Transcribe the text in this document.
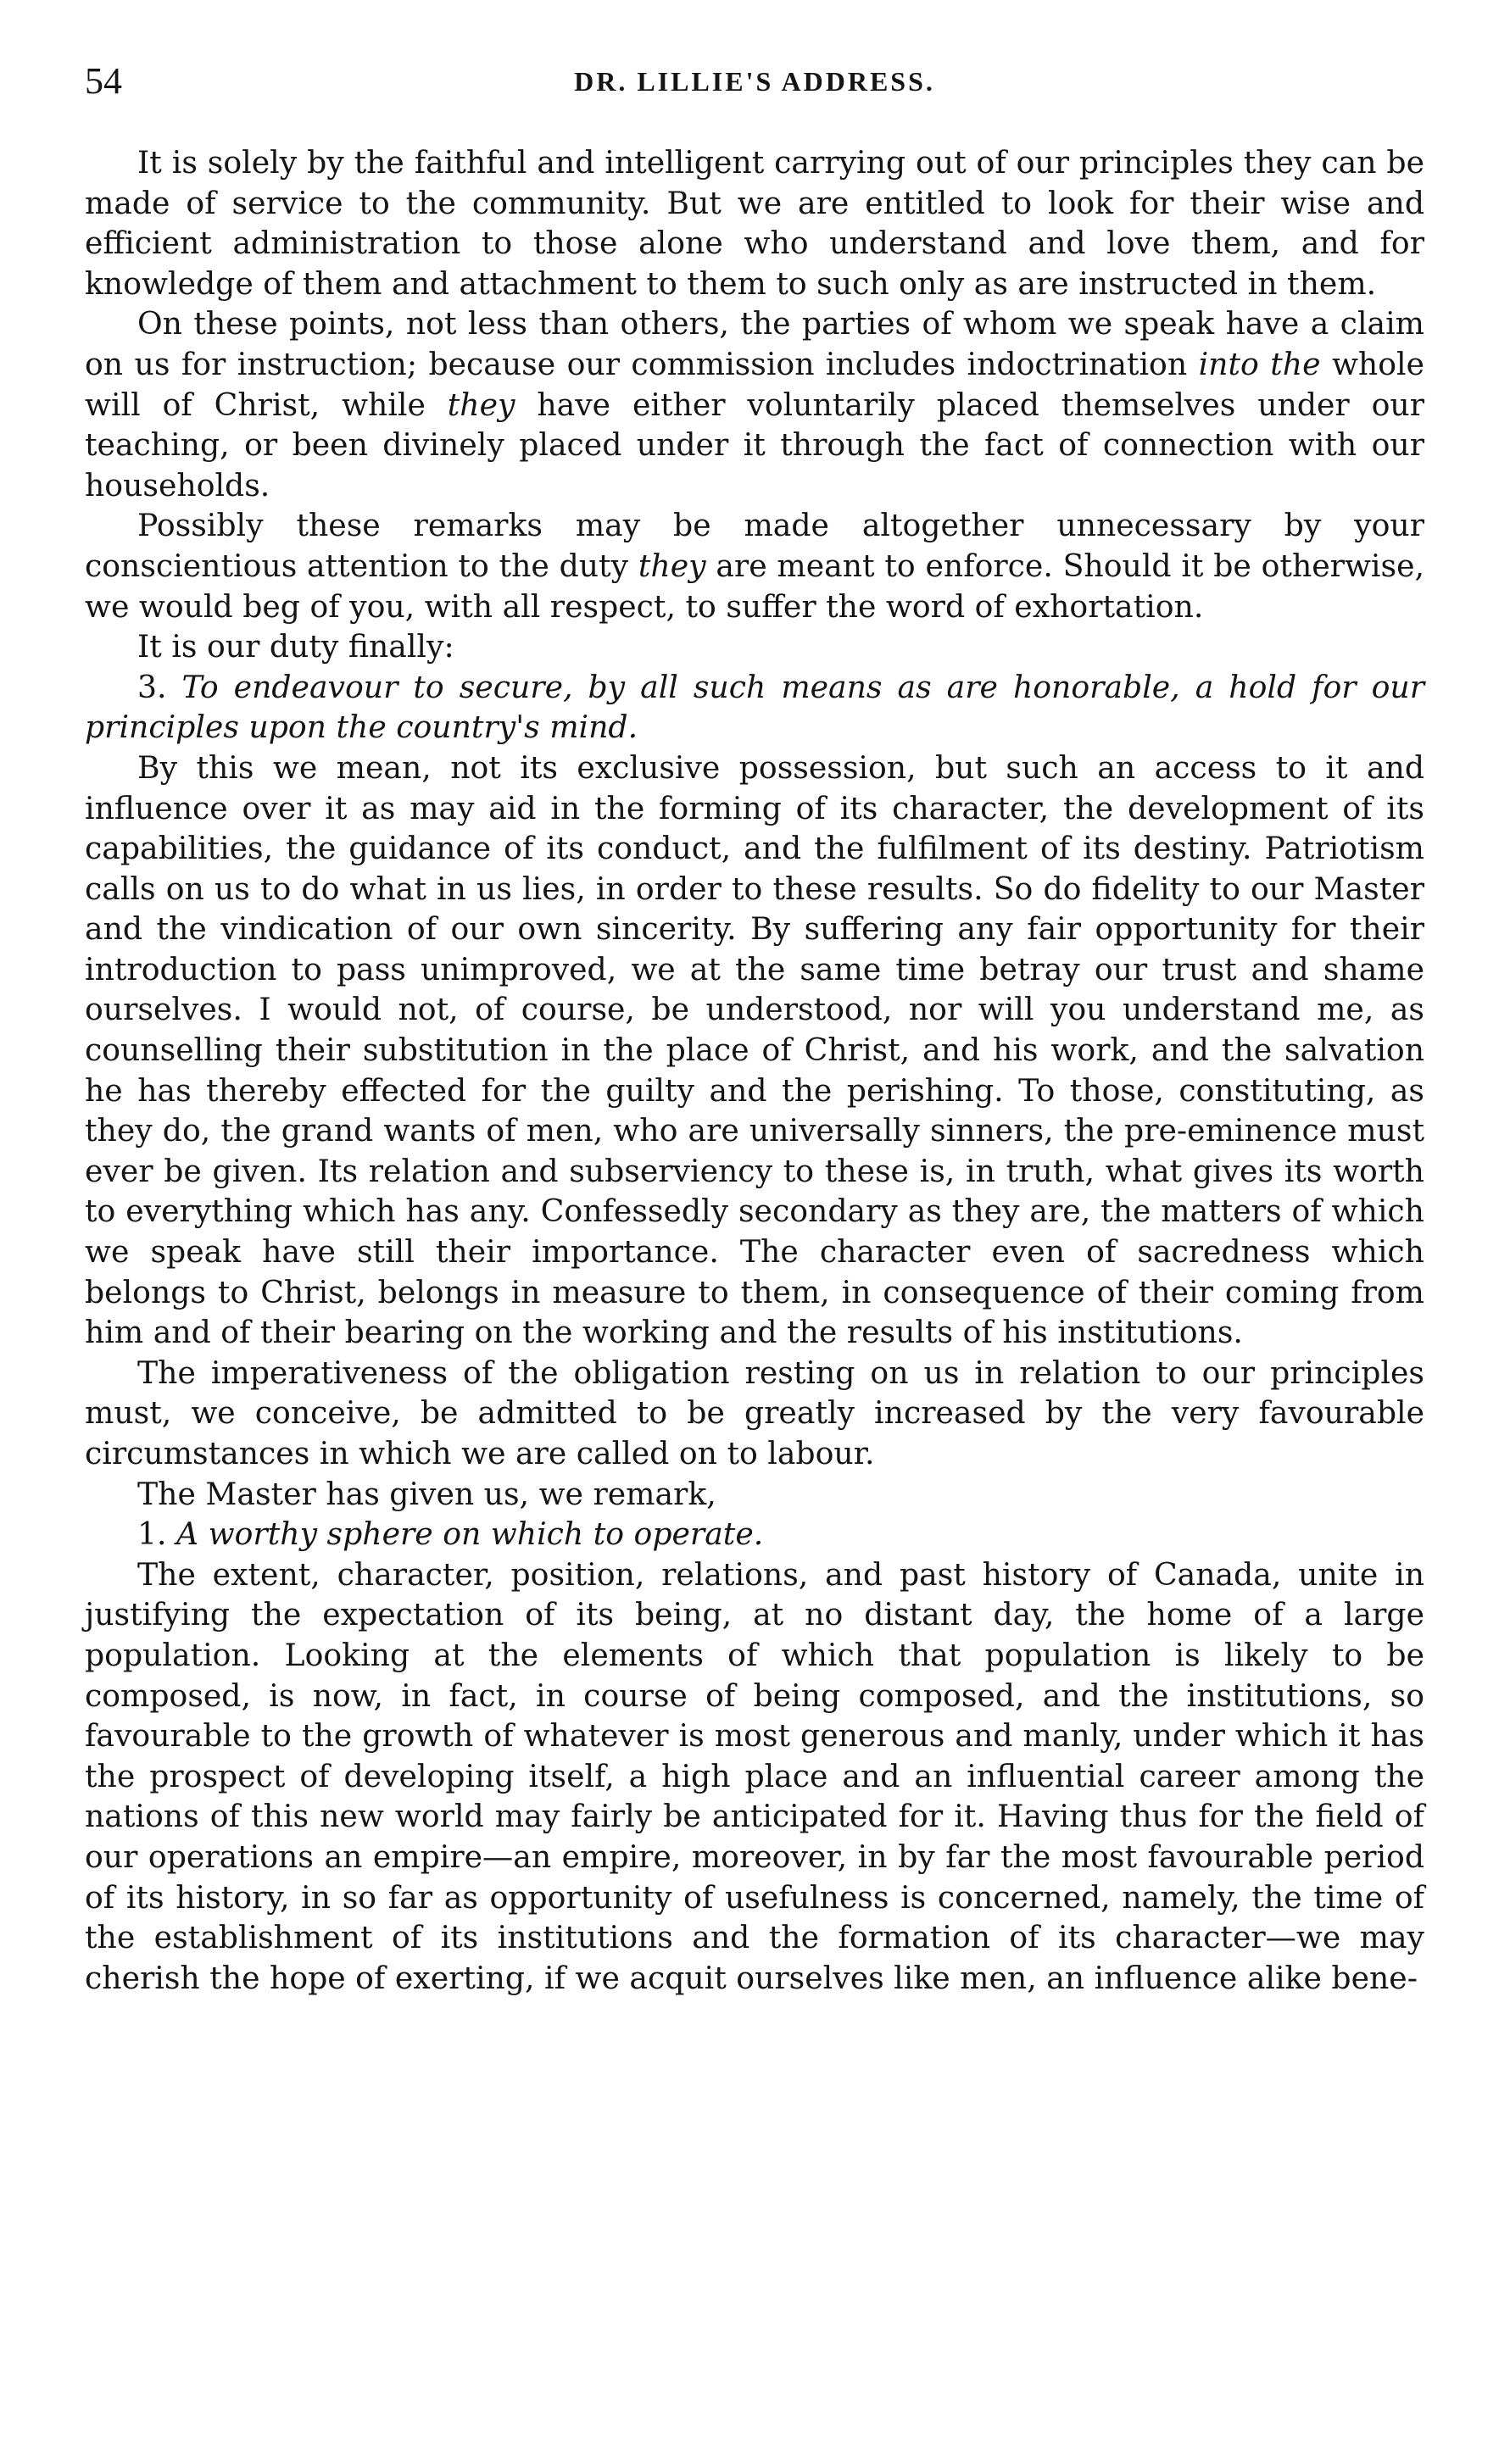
54	DR. LILLIE'S ADDRESS.

It is solely by the faithful and intelligent carrying out of our principles they can be made of service to the community. But we are entitled to look for their wise and efficient administration to those alone who understand and love them, and for knowledge of them and attachment to them to such only as are instructed in them.

On these points, not less than others, the parties of whom we speak have a claim on us for instruction; because our commission includes indoctrination into the whole will of Christ, while they have either voluntarily placed themselves under our teaching, or been divinely placed under it through the fact of connection with our households.

Possibly these remarks may be made altogether unnecessary by your conscientious attention to the duty they are meant to enforce. Should it be otherwise, we would beg of you, with all respect, to suffer the word of exhortation.

It is our duty finally:

3. To endeavour to secure, by all such means as are honorable, a hold for our principles upon the country's mind.

By this we mean, not its exclusive possession, but such an access to it and influence over it as may aid in the forming of its character, the development of its capabilities, the guidance of its conduct, and the fulfilment of its destiny. Patriotism calls on us to do what in us lies, in order to these results. So do fidelity to our Master and the vindication of our own sincerity. By suffering any fair opportunity for their introduction to pass unimproved, we at the same time betray our trust and shame ourselves. I would not, of course, be understood, nor will you understand me, as counselling their substitution in the place of Christ, and his work, and the salvation he has thereby effected for the guilty and the perishing. To those, constituting, as they do, the grand wants of men, who are universally sinners, the pre-eminence must ever be given. Its relation and subserviency to these is, in truth, what gives its worth to everything which has any. Confessedly secondary as they are, the matters of which we speak have still their importance. The character even of sacredness which belongs to Christ, belongs in measure to them, in consequence of their coming from him and of their bearing on the working and the results of his institutions.

The imperativeness of the obligation resting on us in relation to our principles must, we conceive, be admitted to be greatly increased by the very favourable circumstances in which we are called on to labour.

The Master has given us, we remark,

1. A worthy sphere on which to operate.

The extent, character, position, relations, and past history of Canada, unite in justifying the expectation of its being, at no distant day, the home of a large population. Looking at the elements of which that population is likely to be composed, is now, in fact, in course of being composed, and the institutions, so favourable to the growth of whatever is most generous and manly, under which it has the prospect of developing itself, a high place and an influential career among the nations of this new world may fairly be anticipated for it. Having thus for the field of our operations an empire—an empire, moreover, in by far the most favourable period of its history, in so far as opportunity of usefulness is concerned, namely, the time of the establishment of its institutions and the formation of its character—we may cherish the hope of exerting, if we acquit ourselves like men, an influence alike bene-
